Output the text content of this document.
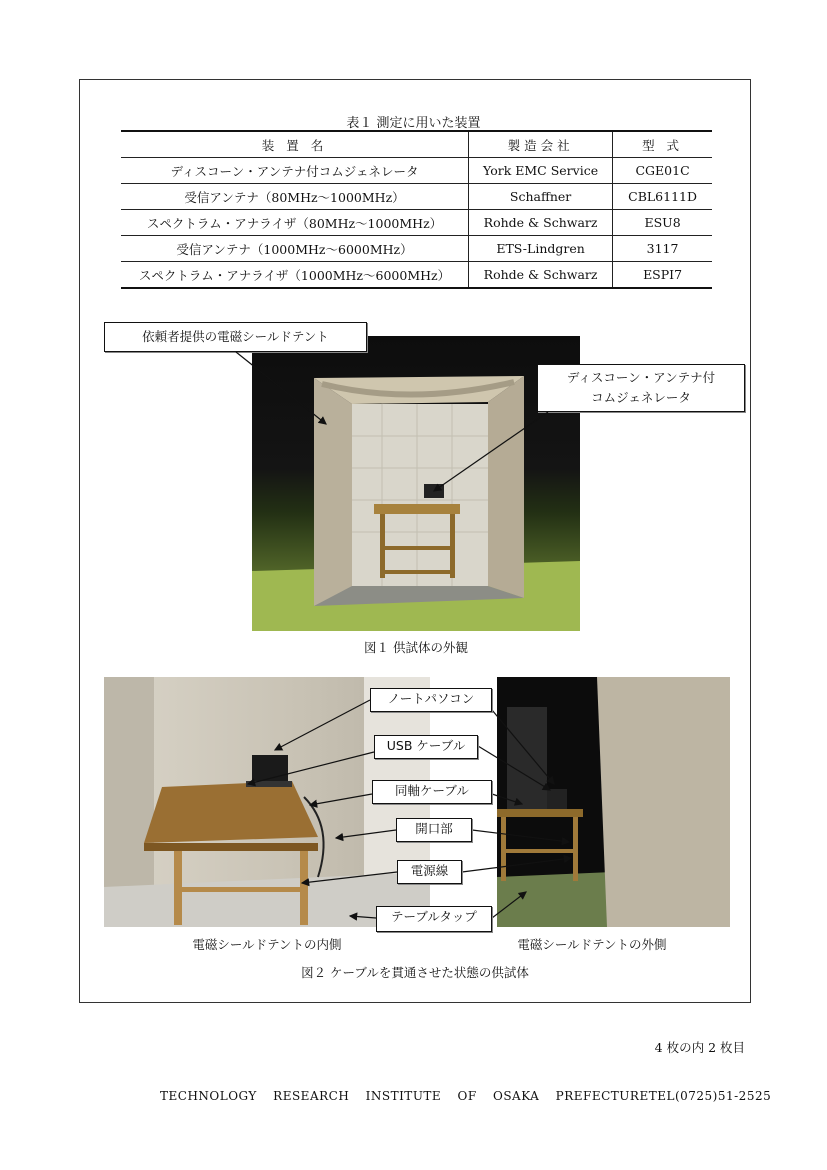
表１ 測定に用いた装置
装 置 名	製造会社	型 式
ディスコーン・アンテナ付コムジェネレータ	York EMC Service	CGE01C
受信アンテナ（80MHz〜1000MHz）	Schaffner	CBL6111D
スペクトラム・アナライザ（80MHz〜1000MHz）	Rohde & Schwarz	ESU8
受信アンテナ（1000MHz〜6000MHz）	ETS-Lindgren	3117
スペクトラム・アナライザ（1000MHz〜6000MHz）	Rohde & Schwarz	ESPI7
依頼者提供の電磁シールドテント
ディスコーン・アンテナ付
コムジェネレータ
図１ 供試体の外観
ノートパソコン
USB ケーブル
同軸ケーブル
開口部
電源線
テーブルタップ
電磁シールドテントの内側	電磁シールドテントの外側
図２ ケーブルを貫通させた状態の供試体
4 枚の内 2 枚目
TECHNOLOGY RESEARCH INSTITUTE OF OSAKA PREFECTURE TEL(0725)51-2525
